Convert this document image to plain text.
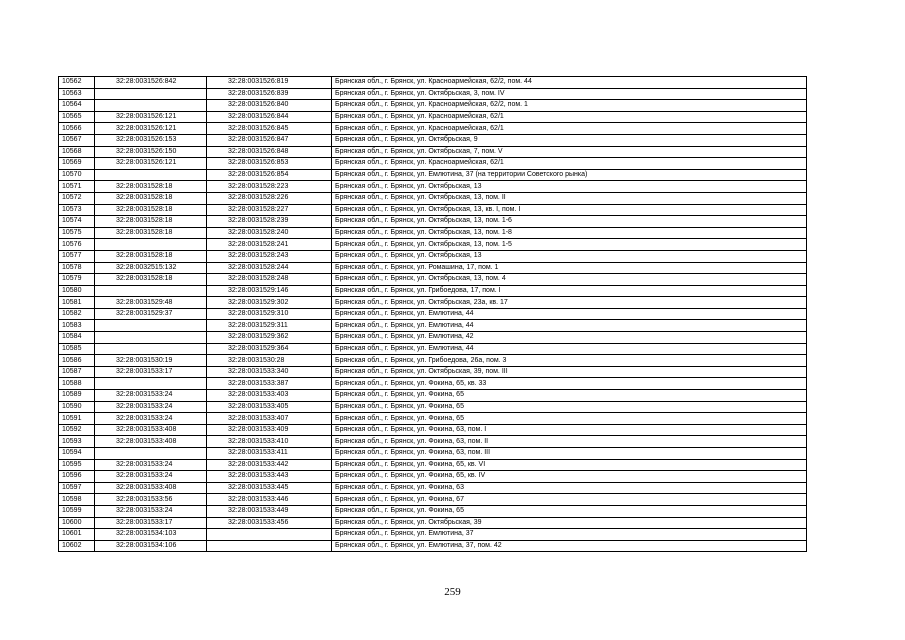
10562	32:28:0031526:842	32:28:0031526:819	Брянская обл., г. Брянск, ул. Красноармейская, 62/2, пом. 44
10563		32:28:0031526:839	Брянская обл., г. Брянск, ул. Октябрьская, 3, пом. IV
10564		32:28:0031526:840	Брянская обл., г. Брянск, ул. Красноармейская, 62/2, пом. 1
10565	32:28:0031526:121	32:28:0031526:844	Брянская обл., г. Брянск, ул. Красноармейская, 62/1
10566	32:28:0031526:121	32:28:0031526:845	Брянская обл., г. Брянск, ул. Красноармейская, 62/1
10567	32:28:0031526:153	32:28:0031526:847	Брянская обл., г. Брянск, ул. Октябрьская, 9
10568	32:28:0031526:150	32:28:0031526:848	Брянская обл., г. Брянск, ул. Октябрьская, 7, пом. V
10569	32:28:0031526:121	32:28:0031526:853	Брянская обл., г. Брянск, ул. Красноармейская, 62/1
10570		32:28:0031526:854	Брянская обл., г. Брянск, ул. Емлютина, 37 (на территории Советского рынка)
10571	32:28:0031528:18	32:28:0031528:223	Брянская обл., г. Брянск, ул. Октябрьская, 13
10572	32:28:0031528:18	32:28:0031528:226	Брянская обл., г. Брянск, ул. Октябрьская, 13, пом. II
10573	32:28:0031528:18	32:28:0031528:227	Брянская обл., г. Брянск, ул. Октябрьская, 13, кв. I, пом. I
10574	32:28:0031528:18	32:28:0031528:239	Брянская обл., г. Брянск, ул. Октябрьская, 13, пом. 1-6
10575	32:28:0031528:18	32:28:0031528:240	Брянская обл., г. Брянск, ул. Октябрьская, 13, пом. 1-8
10576		32:28:0031528:241	Брянская обл., г. Брянск, ул. Октябрьская, 13, пом. 1-5
10577	32:28:0031528:18	32:28:0031528:243	Брянская обл., г. Брянск, ул. Октябрьская, 13
10578	32:28:0032515:132	32:28:0031528:244	Брянская обл., г. Брянск, ул. Ромашина, 17, пом. 1
10579	32:28:0031528:18	32:28:0031528:248	Брянская обл., г. Брянск, ул. Октябрьская, 13, пом. 4
10580		32:28:0031529:146	Брянская обл., г. Брянск, ул. Грибоедова, 17, пом. I
10581	32:28:0031529:48	32:28:0031529:302	Брянская обл., г. Брянск, ул. Октябрьская, 23а, кв. 17
10582	32:28:0031529:37	32:28:0031529:310	Брянская обл., г. Брянск, ул. Емлютина, 44
10583		32:28:0031529:311	Брянская обл., г. Брянск, ул. Емлютина, 44
10584		32:28:0031529:362	Брянская обл., г. Брянск, ул. Емлютина, 42
10585		32:28:0031529:364	Брянская обл., г. Брянск, ул. Емлютина, 44
10586	32:28:0031530:19	32:28:0031530:28	Брянская обл., г. Брянск, ул. Грибоедова, 26а, пом. 3
10587	32:28:0031533:17	32:28:0031533:340	Брянская обл., г. Брянск, ул. Октябрьская, 39, пом. III
10588		32:28:0031533:387	Брянская обл., г. Брянск, ул. Фокина, 65, кв. 33
10589	32:28:0031533:24	32:28:0031533:403	Брянская обл., г. Брянск, ул. Фокина, 65
10590	32:28:0031533:24	32:28:0031533:405	Брянская обл., г. Брянск, ул. Фокина, 65
10591	32:28:0031533:24	32:28:0031533:407	Брянская обл., г. Брянск, ул. Фокина, 65
10592	32:28:0031533:408	32:28:0031533:409	Брянская обл., г. Брянск, ул. Фокина, 63, пом. I
10593	32:28:0031533:408	32:28:0031533:410	Брянская обл., г. Брянск, ул. Фокина, 63, пом. II
10594		32:28:0031533:411	Брянская обл., г. Брянск, ул. Фокина, 63, пом. III
10595	32:28:0031533:24	32:28:0031533:442	Брянская обл., г. Брянск, ул. Фокина, 65, кв. VI
10596	32:28:0031533:24	32:28:0031533:443	Брянская обл., г. Брянск, ул. Фокина, 65, кв. IV
10597	32:28:0031533:408	32:28:0031533:445	Брянская обл., г. Брянск, ул. Фокина, 63
10598	32:28:0031533:56	32:28:0031533:446	Брянская обл., г. Брянск, ул. Фокина, 67
10599	32:28:0031533:24	32:28:0031533:449	Брянская обл., г. Брянск, ул. Фокина, 65
10600	32:28:0031533:17	32:28:0031533:456	Брянская обл., г. Брянск, ул. Октябрьская, 39
10601	32:28:0031534:103		Брянская обл., г. Брянск, ул. Емлютина, 37
10602	32:28:0031534:106		Брянская обл., г. Брянск, ул. Емлютина, 37, пом. 42
259
